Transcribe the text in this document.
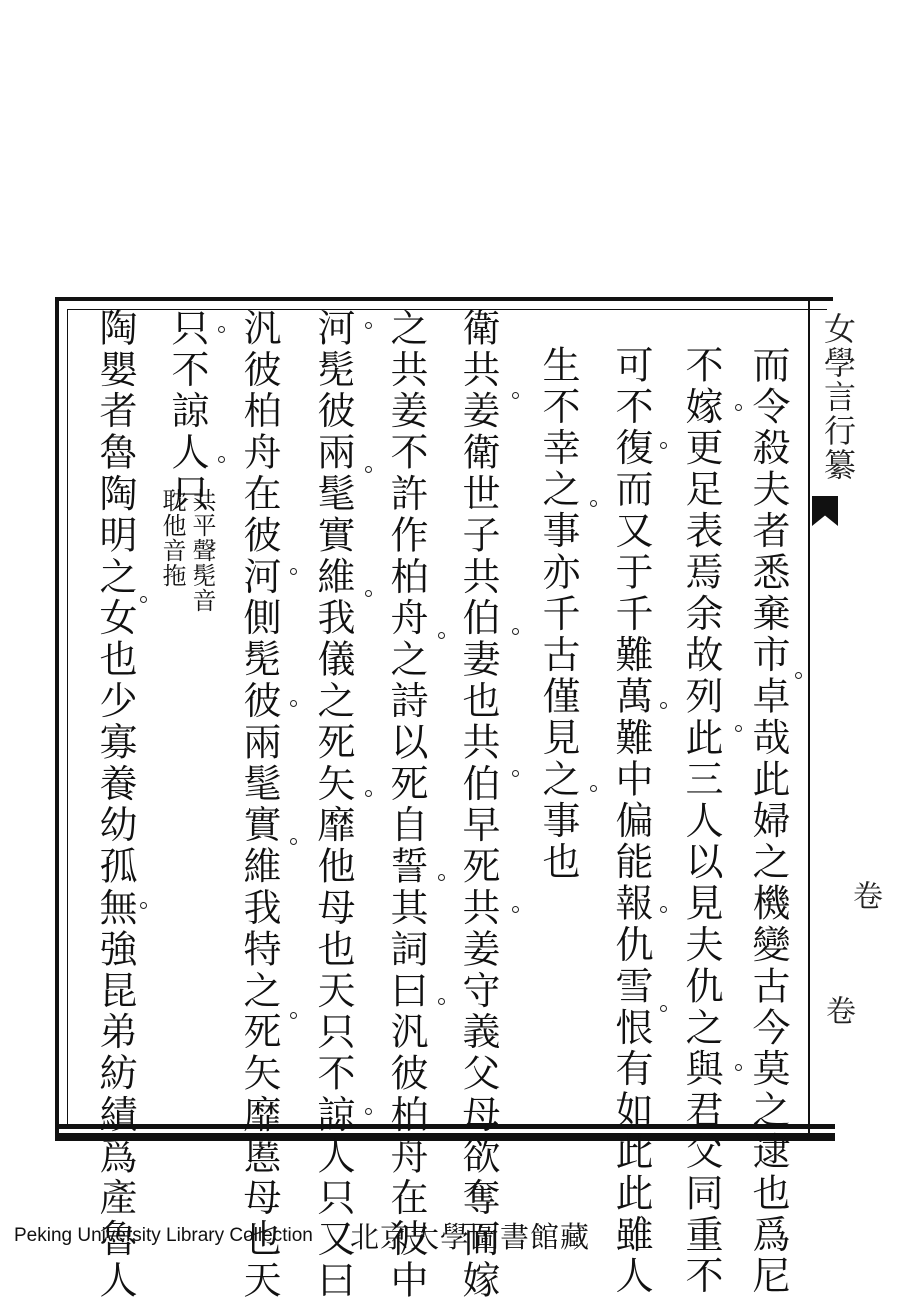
女學言行纂
卷
卷
而令殺夫者悉棄市卓哉此婦之機變古今莫之逮也爲尼
不嫁更足表焉余故列此三人以見夫仇之與君父同重不
可不復而又于千難萬難中偏能報仇雪恨有如此此雖人
生不幸之事亦千古僅見之事也
衛共姜衛世子共伯妻也共伯早死共姜守義父母欲奪而嫁
之共姜不許作柏舟之詩以死自誓其詞曰汎彼柏舟在彼中
河髧彼兩髦實維我儀之死矢靡他母也天只不諒人只又曰
汎彼柏舟在彼河側髧彼兩髦實維我特之死矢靡慝母也天
只不諒人只
共平聲髧音
耽他音拖
陶嬰者魯陶明之女也少寡養幼孤無強昆弟紡績爲產魯人
Peking University Library Collection 北京大學圖書館藏
